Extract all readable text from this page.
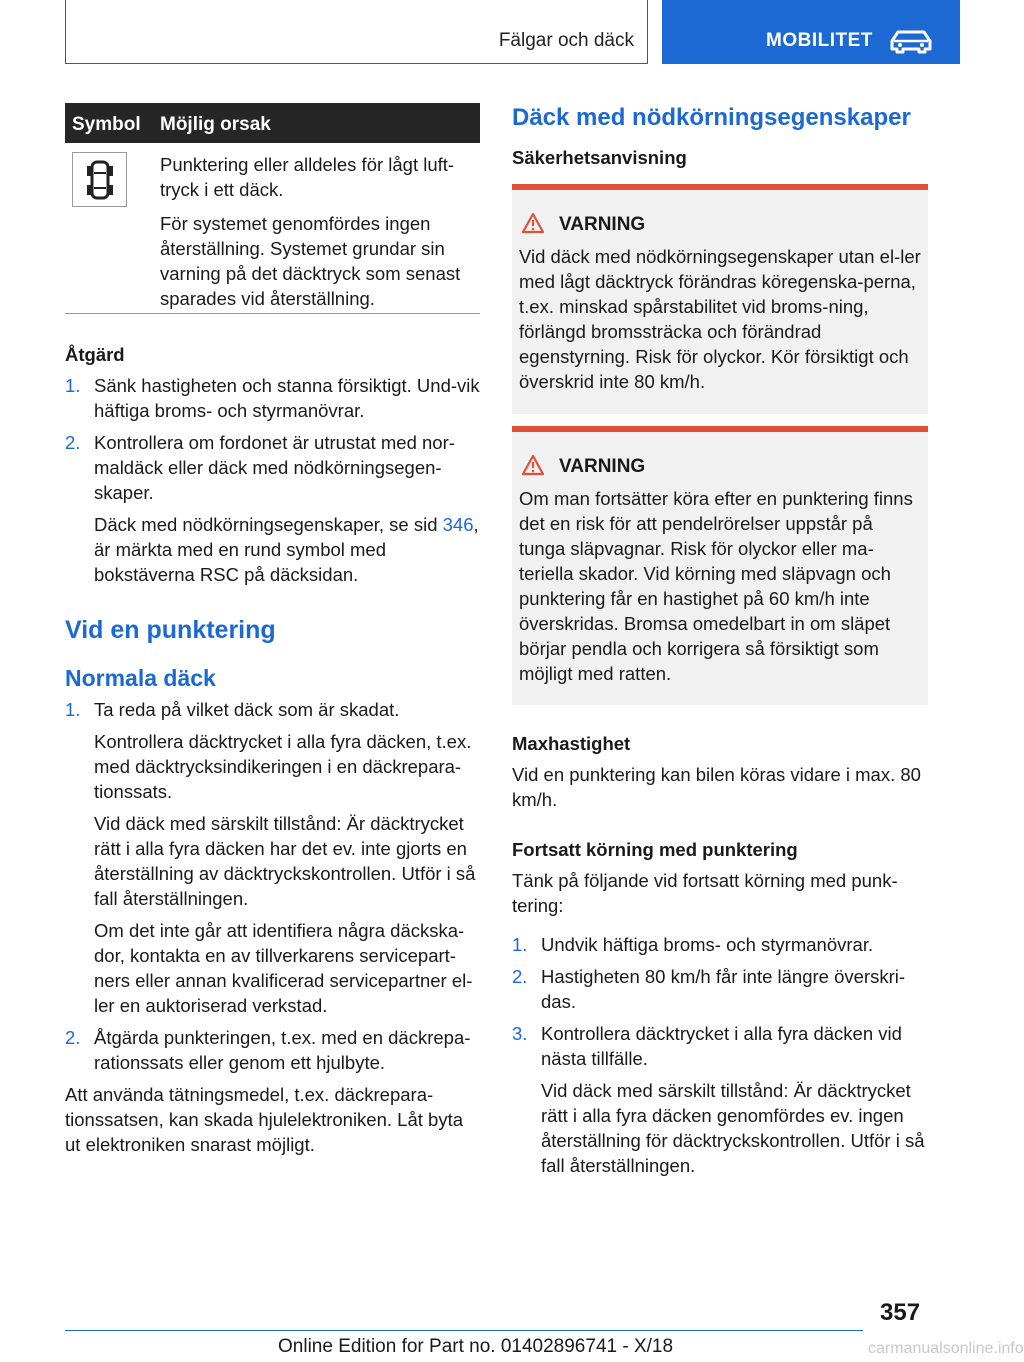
Fälgar och däck	MOBILITET
Symbol Möjlig orsak

Punktering eller alldeles för lågt luft-tryck i ett däck.

För systemet genomfördes ingen återställning. Systemet grundar sin varning på det däcktryck som senast sparades vid återställning.

Åtgärd

1. Sänk hastigheten och stanna försiktigt. Und-vik häftiga broms- och styrmanövrar.

2. Kontrollera om fordonet är utrustat med nor-maldäck eller däck med nödkörningsegen-skaper.

Däck med nödkörningsegenskaper, se sid 346, är märkta med en rund symbol med bokstäverna RSC på däcksidan.

Vid en punktering
Normala däck
1. Ta reda på vilket däck som är skadat.

Kontrollera däcktrycket i alla fyra däcken, t.ex. med däcktrycksindikeringen i en däckrepara-tionssats.

Vid däck med särskilt tillstånd: Är däcktrycket rätt i alla fyra däcken har det ev. inte gjorts en återställning av däcktryckskontrollen. Utför i så fall återställningen.

Om det inte går att identifiera några däckska-dor, kontakta en av tillverkarens servicepart-ners eller annan kvalificerad servicepartner el-ler en auktoriserad verkstad.

2. Åtgärda punkteringen, t.ex. med en däckrepa-rationssats eller genom ett hjulbyte.

Att använda tätningsmedel, t.ex. däckrepara-tionssatsen, kan skada hjulelektroniken. Låt byta ut elektroniken snarast möjligt.

Däck med nödkörningsegenskaper

Säkerhetsanvisning

VARNING

Vid däck med nödkörningsegenskaper utan el-ler med lågt däcktryck förändras köregenska-perna, t.ex. minskad spårstabilitet vid broms-ning, förlängd bromssträcka och förändrad egenstyrning. Risk för olyckor. Kör försiktigt och överskrid inte 80 km/h.

VARNING

Om man fortsätter köra efter en punktering finns det en risk för att pendelrörelser uppstår på tunga släpvagnar. Risk för olyckor eller ma-teriella skador. Vid körning med släpvagn och punktering får en hastighet på 60 km/h inte överskridas. Bromsa omedelbart in om släpet börjar pendla och korrigera så försiktigt som möjligt med ratten.

Maxhastighet

Vid en punktering kan bilen köras vidare i max. 80 km/h.

Fortsatt körning med punktering

Tänk på följande vid fortsatt körning med punk-tering:

1. Undvik häftiga broms- och styrmanövrar.

2. Hastigheten 80 km/h får inte längre överskri-das.

3. Kontrollera däcktrycket i alla fyra däcken vid nästa tillfälle.

Vid däck med särskilt tillstånd: Är däcktrycket rätt i alla fyra däcken genomfördes ev. ingen återställning för däcktryckskontrollen. Utför i så fall återställningen.

357
Online Edition for Part no. 01402896741 - X/18	carmanualsonline.info
